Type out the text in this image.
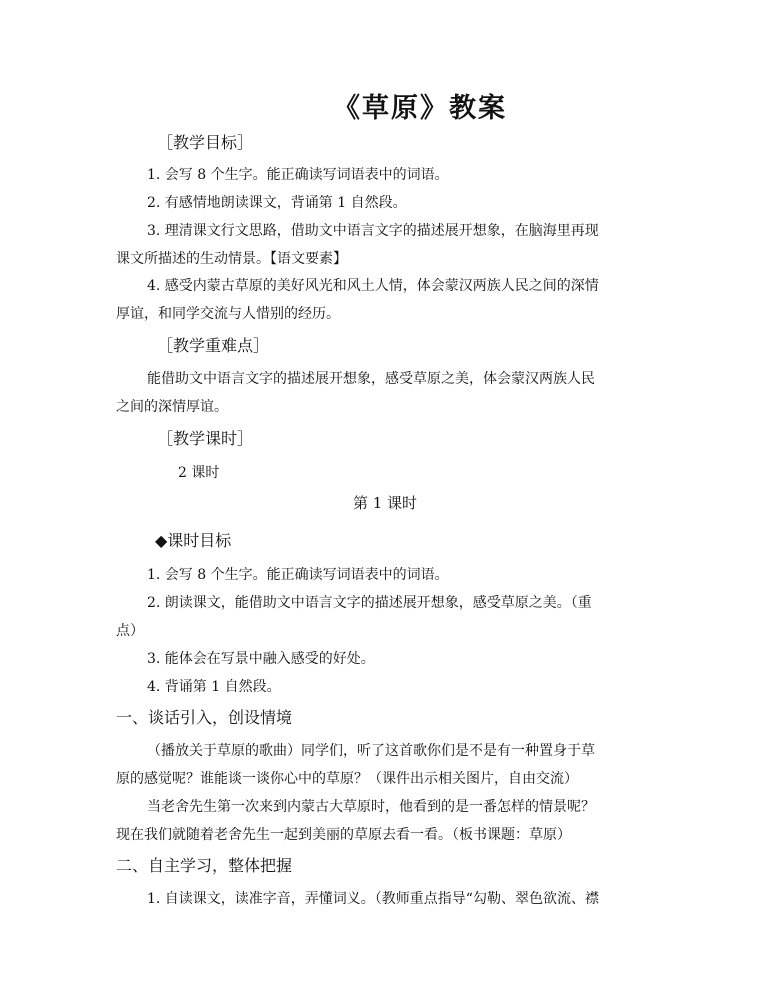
《草原》教案
［教学目标］
1. 会写 8 个生字。能正确读写词语表中的词语。
2. 有感情地朗读课文，背诵第 1 自然段。
3. 理清课文行文思路，借助文中语言文字的描述展开想象，在脑海里再现
课文所描述的生动情景。【语文要素】
4. 感受内蒙古草原的美好风光和风土人情，体会蒙汉两族人民之间的深情
厚谊，和同学交流与人惜别的经历。
［教学重难点］
能借助文中语言文字的描述展开想象，感受草原之美，体会蒙汉两族人民
之间的深情厚谊。
［教学课时］
2 课时
第 1 课时
◆课时目标
1. 会写 8 个生字。能正确读写词语表中的词语。
2. 朗读课文，能借助文中语言文字的描述展开想象，感受草原之美。（重
点）
3. 能体会在写景中融入感受的好处。
4. 背诵第 1 自然段。
一、谈话引入，创设情境
（播放关于草原的歌曲）同学们，听了这首歌你们是不是有一种置身于草
原的感觉呢？谁能谈一谈你心中的草原？（课件出示相关图片，自由交流）
当老舍先生第一次来到内蒙古大草原时，他看到的是一番怎样的情景呢？
现在我们就随着老舍先生一起到美丽的草原去看一看。（板书课题：草原）
二、自主学习，整体把握
1. 自读课文，读准字音，弄懂词义。（教师重点指导“勾勒、翠色欲流、襟
